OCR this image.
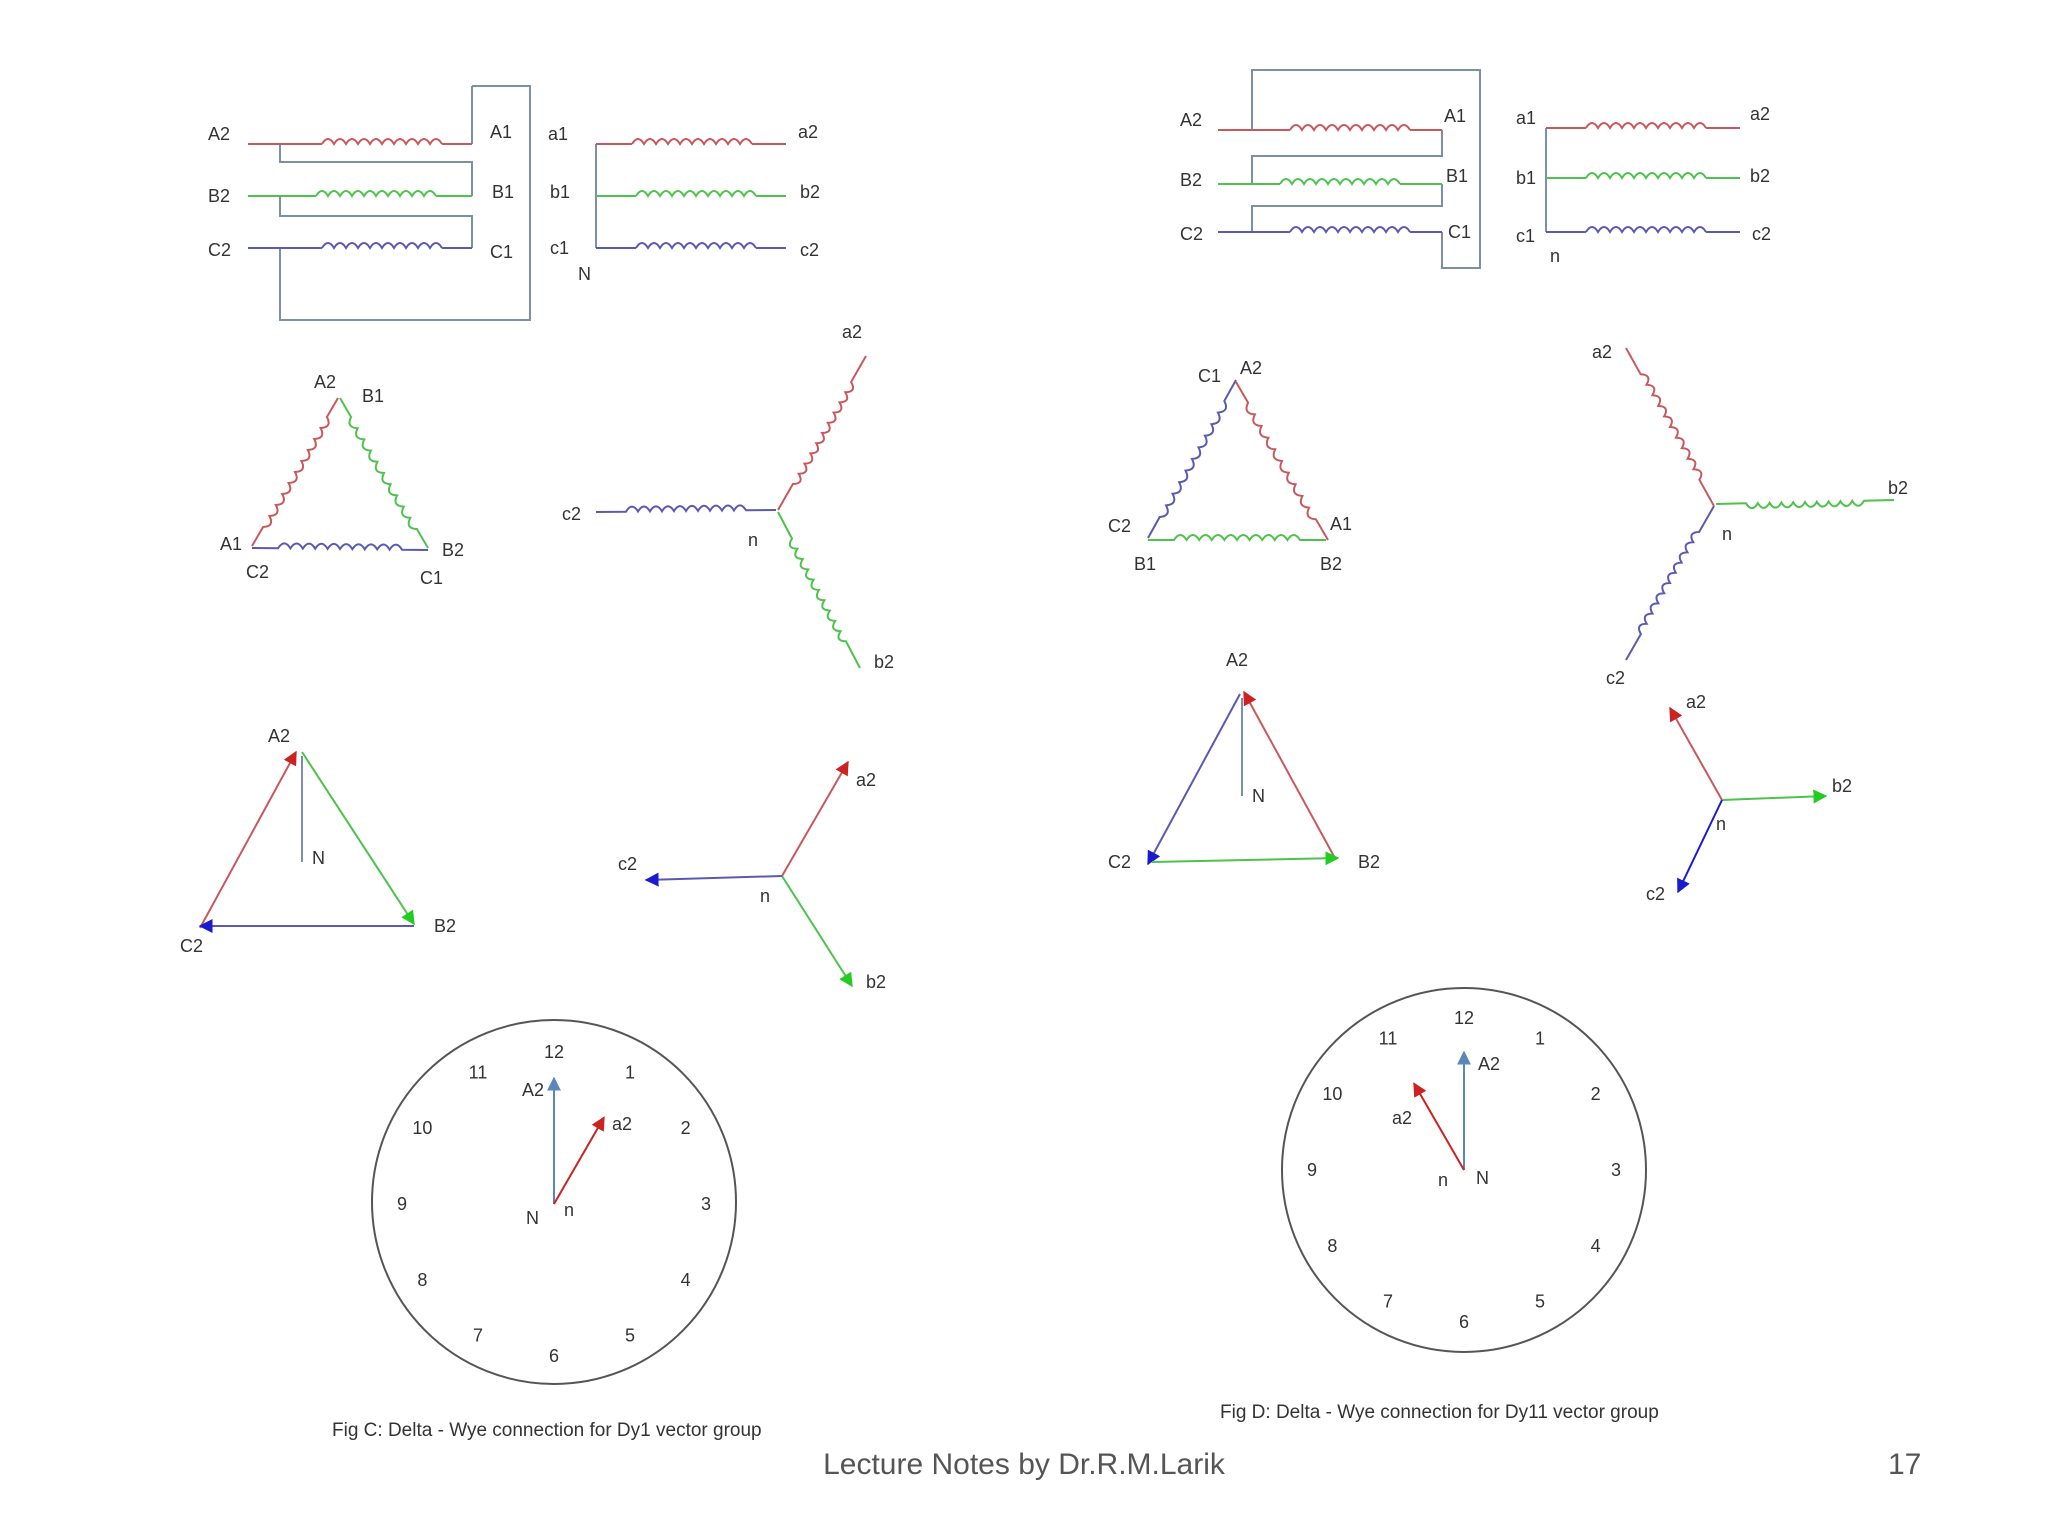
A2	A1
B2	B1
C2	C1
a1	a2
b1	b2
c1	c2
N
A2
B1
A1
C2
B2
C1
a2
b2
c2
n
A2
B2
C2
N
a2
b2
c2
n
12
1
2
3
4
5
6
7
8
9
10
11
A2
a2
N n
Fig C: Delta - Wye connection for Dy1 vector group
A2	A1
B2	B1
C2	C1
a1	a2
b1	b2
c1	c2
n
C1 A2
A1
C2
B1	B2
a2
b2
c2
n
A2
B2
C2
N
a2
b2
c2
n
12
1
2
3
4
5
6
7
8
9
10
11
A2
a2
N
n
Fig D: Delta - Wye connection for Dy11 vector group
Lecture Notes by Dr.R.M.Larik	17
